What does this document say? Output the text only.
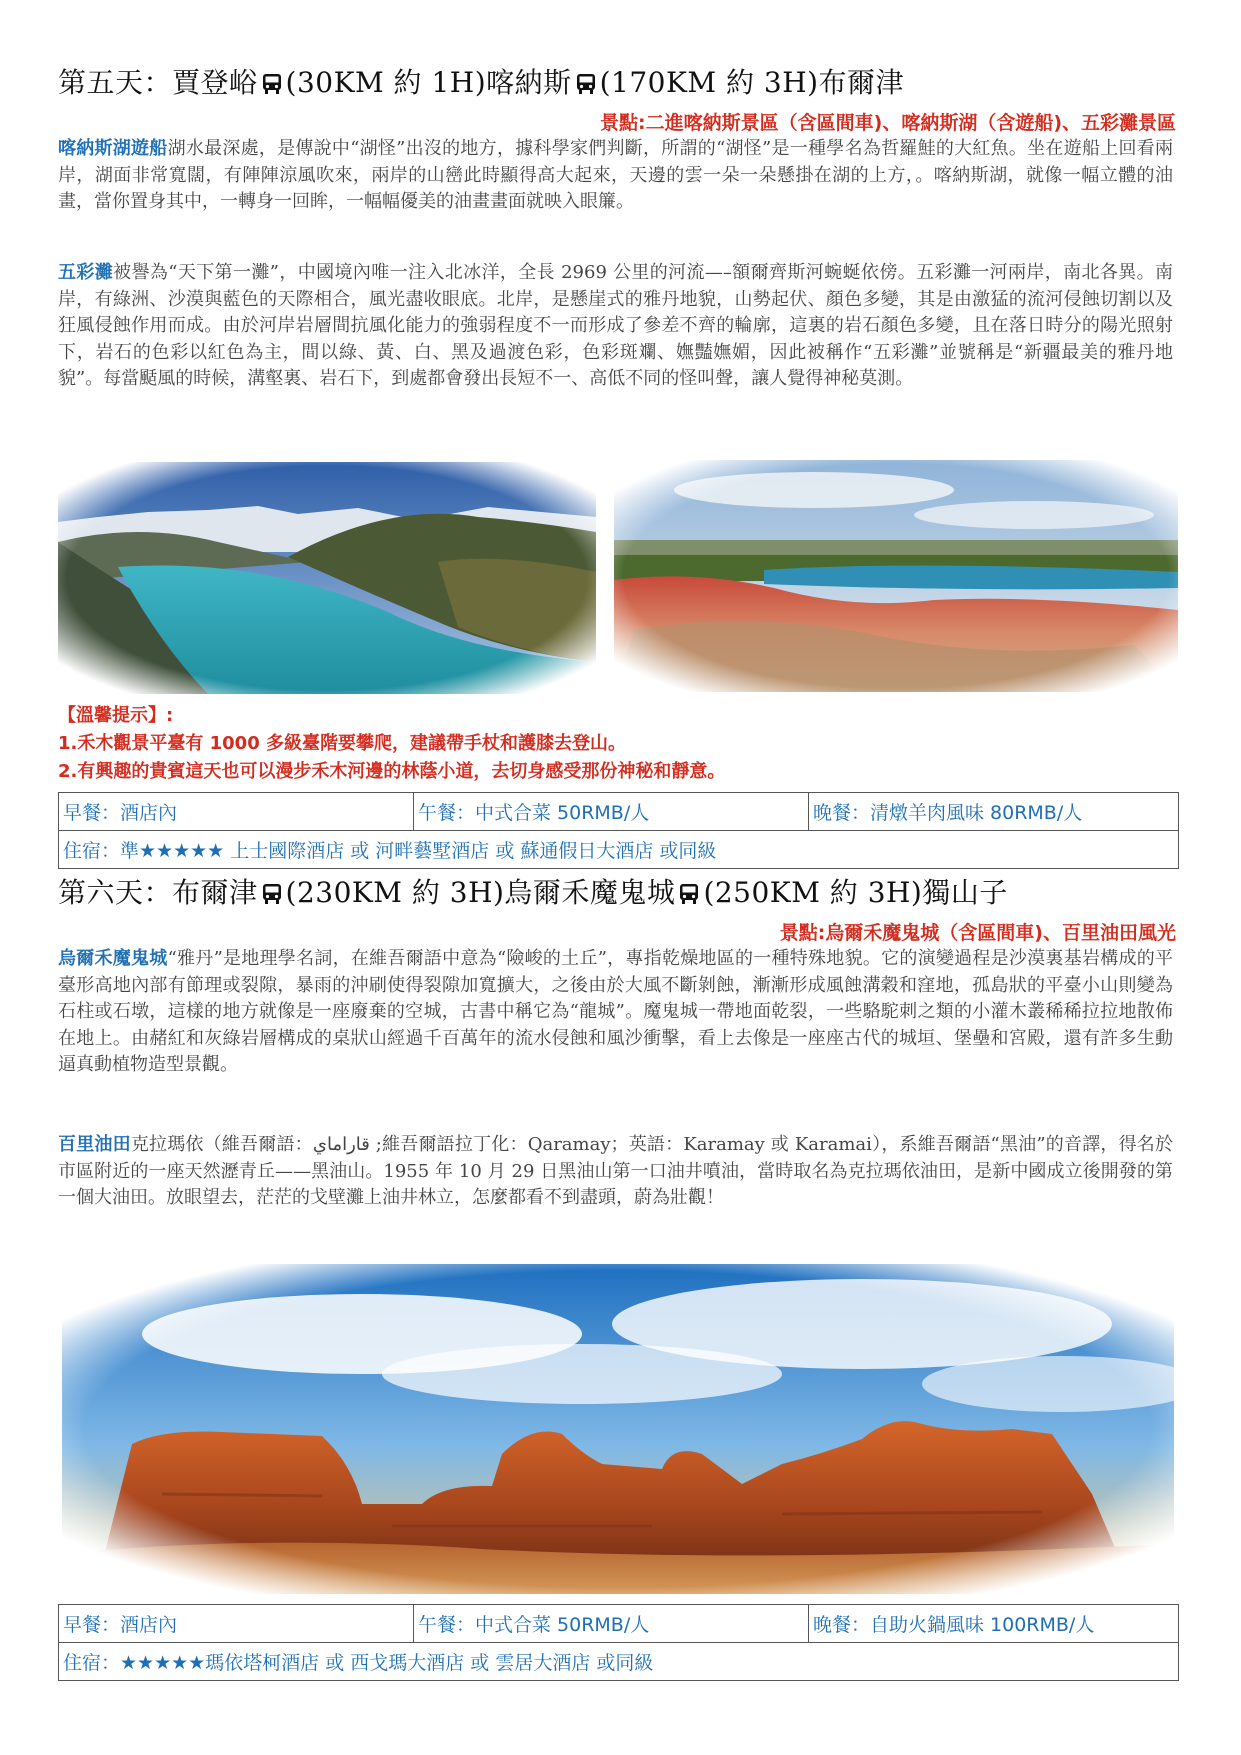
第五天：賈登峪 (30KM 約 1H)喀納斯 (170KM 約 3H)布爾津
景點:二進喀納斯景區（含區間車)、喀納斯湖（含遊船)、五彩灘景區
喀納斯湖遊船湖水最深處，是傳說中“湖怪”出沒的地方，據科學家們判斷，所謂的“湖怪”是一種學名為哲羅鮭的大紅魚。坐在遊船上回看兩岸，湖面非常寬闊，有陣陣涼風吹來，兩岸的山巒此時顯得高大起來，天邊的雲一朵一朵懸掛在湖的上方，。喀納斯湖，就像一幅立體的油畫，當你置身其中，一轉身一回眸，一幅幅優美的油畫畫面就映入眼簾。
五彩灘被譽為“天下第一灘”，中國境內唯一注入北冰洋，全長 2969 公里的河流—–額爾齊斯河蜿蜒依傍。五彩灘一河兩岸，南北各異。南岸，有綠洲、沙漠與藍色的天際相合，風光盡收眼底。北岸，是懸崖式的雅丹地貌，山勢起伏、顏色多變，其是由激猛的流河侵蝕切割以及狂風侵蝕作用而成。由於河岸岩層間抗風化能力的強弱程度不一而形成了參差不齊的輪廓，這裏的岩石顏色多變，且在落日時分的陽光照射下，岩石的色彩以紅色為主，間以綠、黃、白、黑及過渡色彩，色彩斑斕、嫵豔嫵媚，因此被稱作“五彩灘”並號稱是“新疆最美的雅丹地貌”。每當颳風的時候，溝壑裏、岩石下，到處都會發出長短不一、高低不同的怪叫聲，讓人覺得神秘莫測。
【溫馨提示】:
1.禾木觀景平臺有 1000 多級臺階要攀爬，建議帶手杖和護膝去登山。
2.有興趣的貴賓這天也可以漫步禾木河邊的林蔭小道，去切身感受那份神秘和靜意。
早餐：酒店內	午餐：中式合菜 50RMB/人	晚餐：清燉羊肉風味 80RMB/人
住宿：準★★★★★ 上士國際酒店 或 河畔藝墅酒店 或 蘇通假日大酒店 或同級
第六天：布爾津 (230KM 約 3H)烏爾禾魔鬼城 (250KM 約 3H)獨山子
景點:烏爾禾魔鬼城（含區間車)、百里油田風光
烏爾禾魔鬼城“雅丹”是地理學名詞，在維吾爾語中意為“險峻的土丘”，專指乾燥地區的一種特殊地貌。它的演變過程是沙漠裏基岩構成的平臺形高地內部有節理或裂隙，暴雨的沖刷使得裂隙加寬擴大，之後由於大風不斷剝蝕，漸漸形成風蝕溝穀和窪地，孤島狀的平臺小山則變為石柱或石墩，這樣的地方就像是一座廢棄的空城，古書中稱它為“龍城”。魔鬼城一帶地面乾裂，一些駱駝刺之類的小灌木叢稀稀拉拉地散佈在地上。由赭紅和灰綠岩層構成的桌狀山經過千百萬年的流水侵蝕和風沙衝擊，看上去像是一座座古代的城垣、堡壘和宮殿，還有許多生動逼真動植物造型景觀。
百里油田克拉瑪依（維吾爾語：قاراماي ;維吾爾語拉丁化：Qaramay；英語：Karamay 或 Karamai），系維吾爾語“黑油”的音譯，得名於市區附近的一座天然瀝青丘——黑油山。1955 年 10 月 29 日黑油山第一口油井噴油，當時取名為克拉瑪依油田，是新中國成立後開發的第一個大油田。放眼望去，茫茫的戈壁灘上油井林立，怎麼都看不到盡頭，蔚為壯觀！
早餐：酒店內	午餐：中式合菜 50RMB/人	晚餐：自助火鍋風味 100RMB/人
住宿：★★★★★瑪依塔柯酒店 或 西戈瑪大酒店 或 雲居大酒店 或同級
